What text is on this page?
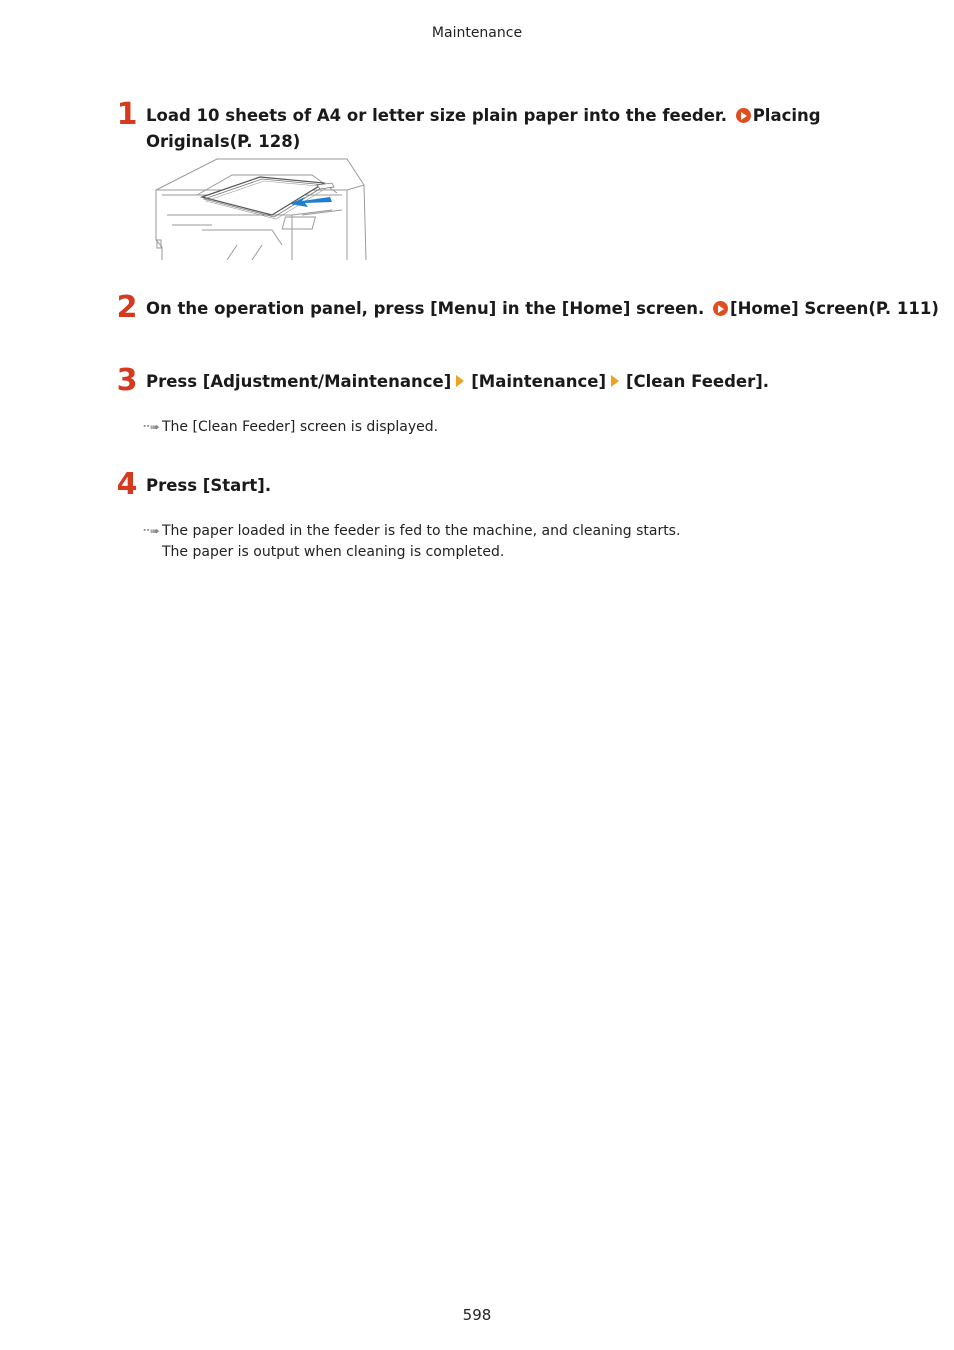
Maintenance
1 Load 10 sheets of A4 or letter size plain paper into the feeder. Placing
Originals(P. 128)
2 On the operation panel, press [Menu] in the [Home] screen. [Home] Screen(P. 111)
3 Press [Adjustment/Maintenance] [Maintenance] [Clean Feeder].
⠒➠ The [Clean Feeder] screen is displayed.
4 Press [Start].
⠒➠ The paper loaded in the feeder is fed to the machine, and cleaning starts.
The paper is output when cleaning is completed.
598
